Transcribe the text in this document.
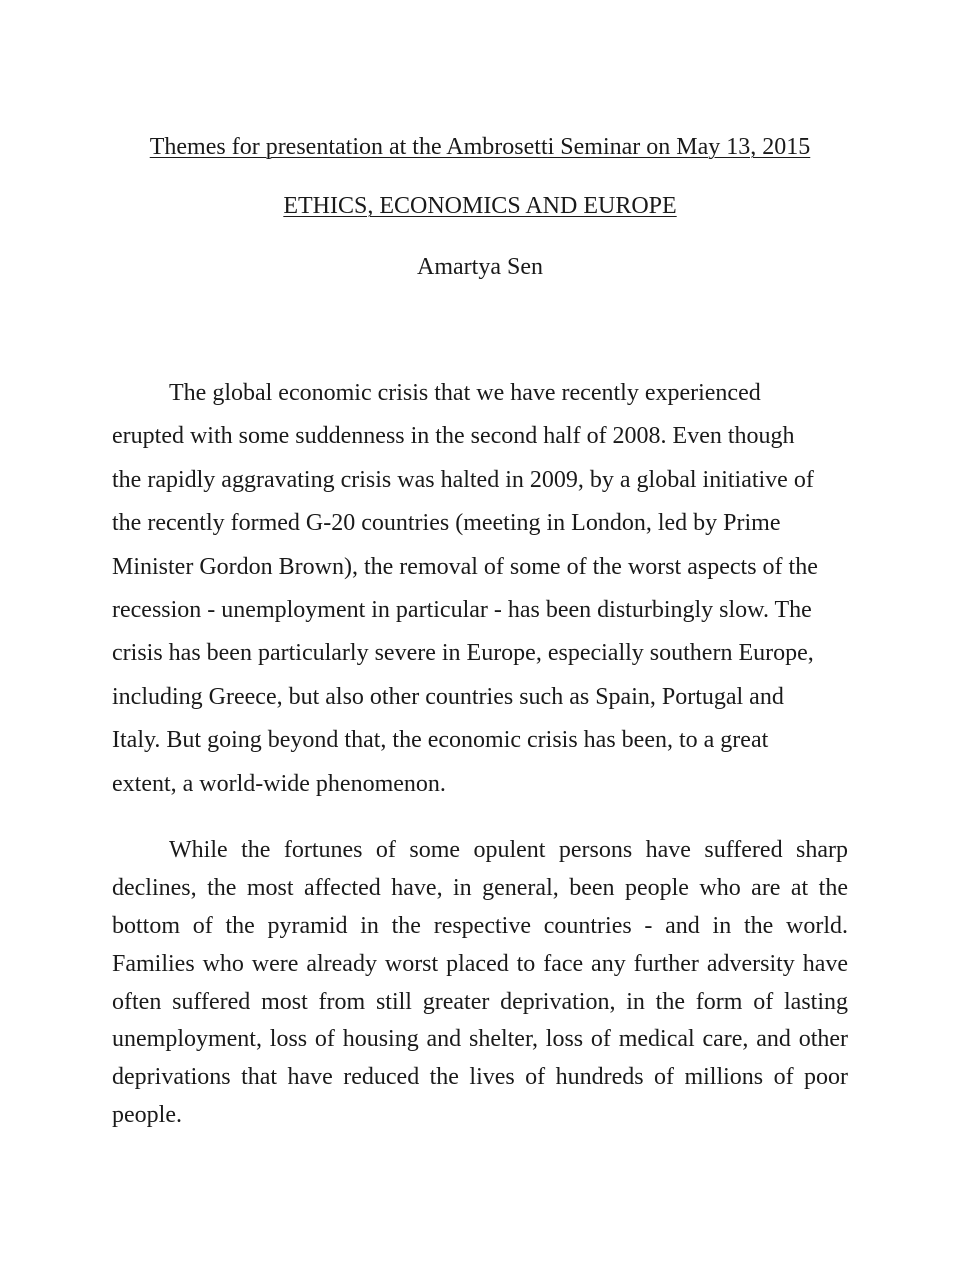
Themes for presentation at the Ambrosetti Seminar on May 13, 2015
ETHICS, ECONOMICS AND EUROPE
Amartya Sen
The global economic crisis that we have recently experienced
erupted with some suddenness in the second half of 2008. Even though
the rapidly aggravating crisis was halted in 2009, by a global initiative of
the recently formed G-20 countries (meeting in London, led by Prime
Minister Gordon Brown), the removal of some of the worst aspects of the
recession - unemployment in particular - has been disturbingly slow. The
crisis has been particularly severe in Europe, especially southern Europe,
including Greece, but also other countries such as Spain, Portugal and
Italy. But going beyond that, the economic crisis has been, to a great
extent, a world-wide phenomenon.
While the fortunes of some opulent persons have suffered sharp
declines, the most affected have, in general, been people who are at the
bottom of the pyramid in the respective countries - and in the world.
Families who were already worst placed to face any further adversity have
often suffered most from still greater deprivation, in the form of lasting
unemployment, loss of housing and shelter, loss of medical care, and other
deprivations that have reduced the lives of hundreds of millions of poor
people.
